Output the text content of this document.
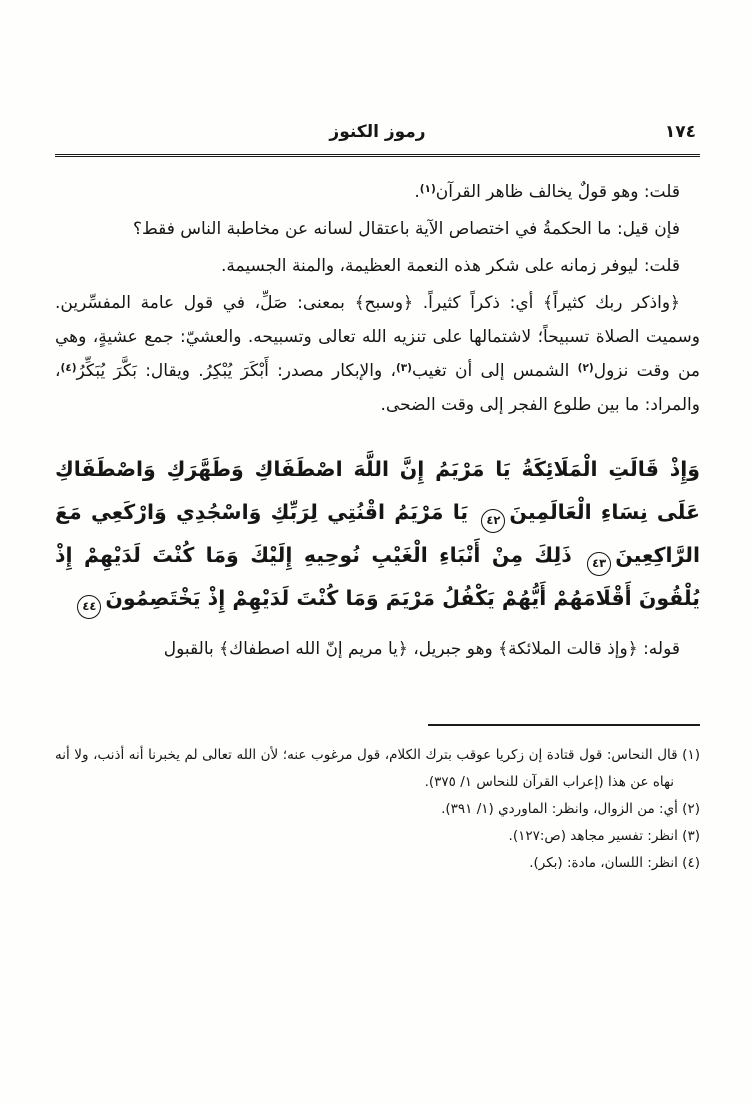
١٧٤
رموز الكنوز

قلت: وهو قولٌ يخالف ظاهر القرآن$^{(١)}$.

فإن قيل: ما الحكمةُ في اختصاص الآية باعتقال لسانه عن مخاطبة الناس فقط؟

قلت: ليوفر زمانه على شكر هذه النعمة العظيمة، والمنة الجسيمة.

﴿واذكر ربك كثيراً﴾ أي: ذكراً كثيراً. ﴿وسبح﴾ بمعنى: صَلِّ، في قول عامة المفسِّرين. وسميت الصلاة تسبيحاً؛ لاشتمالها على تنزيه الله تعالى وتسبيحه. والعشيّ: جمع عشيةٍ، وهي من وقت نزول$^{(٢)}$ الشمس إلى أن تغيب$^{(٣)}$، والإبكار مصدر: أَبْكَرَ يُبْكِرُ. ويقال: بَكَّرَ يُبَكِّرُ$^{(٤)}$، والمراد: ما بين طلوع الفجر إلى وقت الضحى.

وَإِذْ قَالَتِ الْمَلَائِكَةُ يَا مَرْيَمُ إِنَّ اللَّهَ اصْطَفَاكِ وَطَهَّرَكِ وَاصْطَفَاكِ عَلَى نِسَاءِ الْعَالَمِينَ٤٢ يَا مَرْيَمُ اقْنُتِي لِرَبِّكِ وَاسْجُدِي وَارْكَعِي مَعَ الرَّاكِعِينَ٤٣ ذَلِكَ مِنْ أَنْبَاءِ الْغَيْبِ نُوحِيهِ إِلَيْكَ وَمَا كُنْتَ لَدَيْهِمْ إِذْ يُلْقُونَ أَقْلَامَهُمْ أَيُّهُمْ يَكْفُلُ مَرْيَمَ وَمَا كُنْتَ لَدَيْهِمْ إِذْ يَخْتَصِمُونَ٤٤

قوله: ﴿وإذ قالت الملائكة﴾ وهو جبريل، ﴿يا مريم إنّ الله اصطفاك﴾ بالقبول

(١) قال النحاس: قول قتادة إن زكريا عوقب بترك الكلام، قول مرغوب عنه؛ لأن الله تعالى لم يخبرنا أنه أذنب، ولا أنه نهاه عن هذا (إعراب القرآن للنحاس ١/ ٣٧٥).

(٢) أي: من الزوال، وانظر: الماوردي (١/ ٣٩١).

(٣) انظر: تفسير مجاهد (ص:١٢٧).

(٤) انظر: اللسان، مادة: (بكر).
